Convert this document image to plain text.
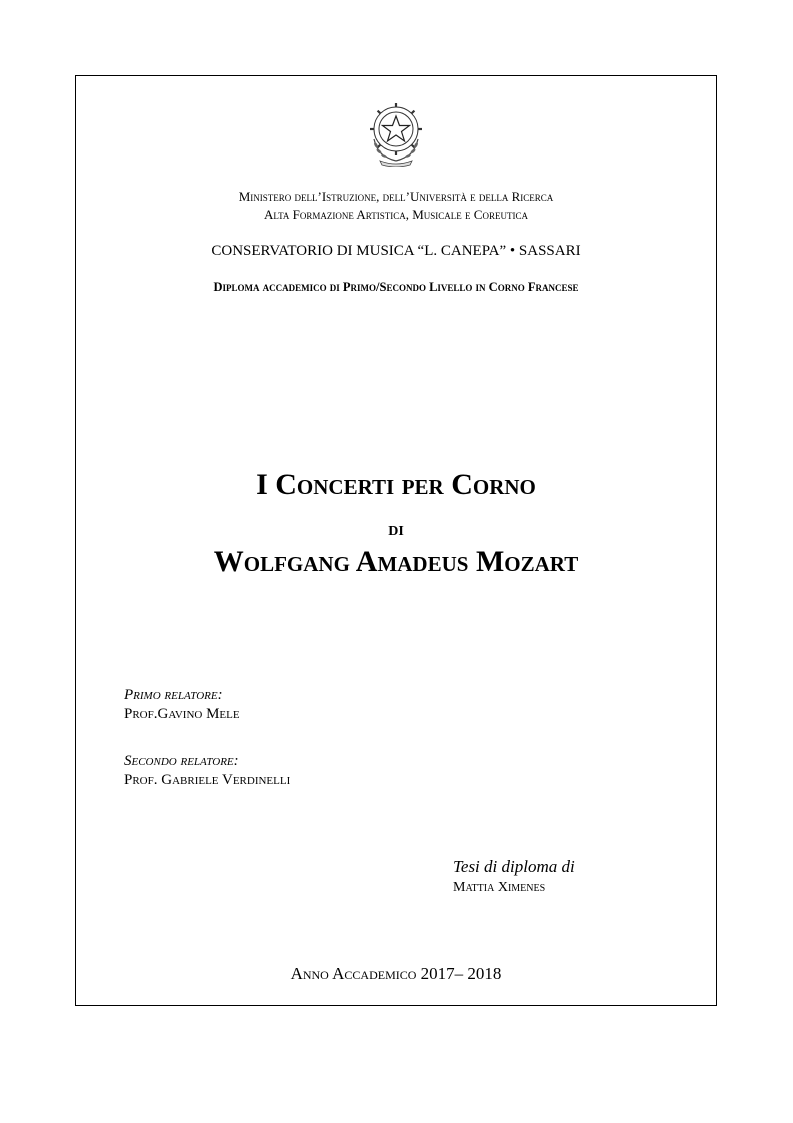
Ministero dell’Istruzione, dell’Università e della Ricerca
Alta Formazione Artistica, Musicale e Coreutica
CONSERVATORIO DI MUSICA “L. CANEPA” • SASSARI
Diploma accademico di Primo/Secondo Livello in Corno Francese
I Concerti per Corno
di
Wolfgang Amadeus Mozart
Primo relatore:
Prof.Gavino Mele
Secondo relatore:
Prof. Gabriele Verdinelli
Tesi di diploma di
Mattia Ximenes
Anno Accademico 2017– 2018
